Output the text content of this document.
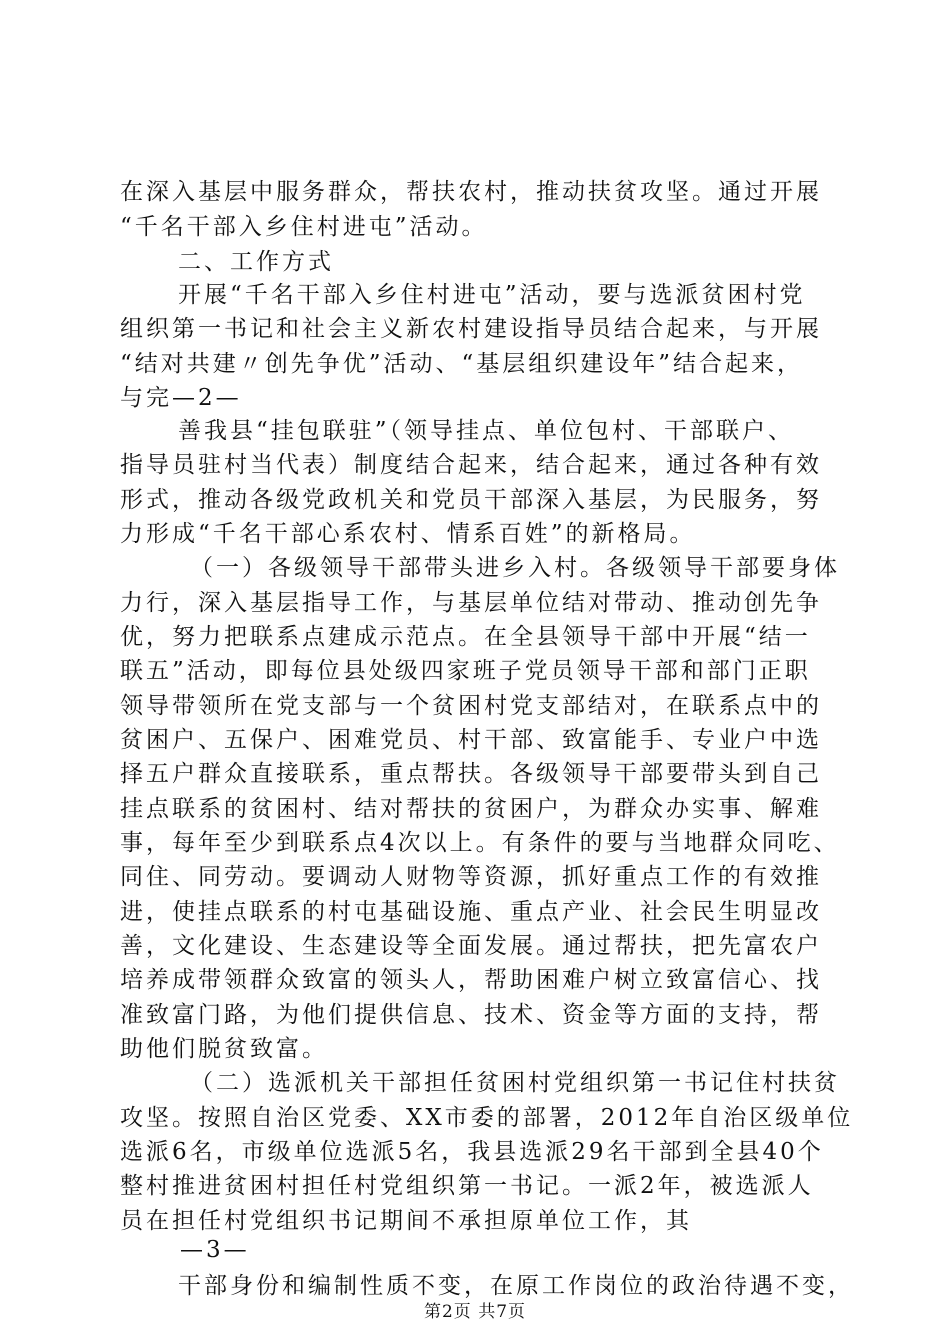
在深入基层中服务群众，帮扶农村，推动扶贫攻坚。通过开展
“千名干部入乡住村进屯”活动。
二、工作方式
开展“千名干部入乡住村进屯”活动，要与选派贫困村党
组织第一书记和社会主义新农村建设指导员结合起来，与开展
“结对共建〃创先争优”活动、“基层组织建设年”结合起来，
与完—2—
善我县“挂包联驻”（领导挂点、单位包村、干部联户、
指导员驻村当代表）制度结合起来，结合起来，通过各种有效
形式，推动各级党政机关和党员干部深入基层，为民服务，努
力形成“千名干部心系农村、情系百姓”的新格局。
（一）各级领导干部带头进乡入村。各级领导干部要身体
力行，深入基层指导工作，与基层单位结对带动、推动创先争
优，努力把联系点建成示范点。在全县领导干部中开展“结一
联五”活动，即每位县处级四家班子党员领导干部和部门正职
领导带领所在党支部与一个贫困村党支部结对，在联系点中的
贫困户、五保户、困难党员、村干部、致富能手、专业户中选
择五户群众直接联系，重点帮扶。各级领导干部要带头到自己
挂点联系的贫困村、结对帮扶的贫困户，为群众办实事、解难
事，每年至少到联系点4次以上。有条件的要与当地群众同吃、
同住、同劳动。要调动人财物等资源，抓好重点工作的有效推
进，使挂点联系的村屯基础设施、重点产业、社会民生明显改
善，文化建设、生态建设等全面发展。通过帮扶，把先富农户
培养成带领群众致富的领头人，帮助困难户树立致富信心、找
准致富门路，为他们提供信息、技术、资金等方面的支持，帮
助他们脱贫致富。
（二）选派机关干部担任贫困村党组织第一书记住村扶贫
攻坚。按照自治区党委、XX市委的部署，2012年自治区级单位
选派6名，市级单位选派5名，我县选派29名干部到全县40个
整村推进贫困村担任村党组织第一书记。一派2年，被选派人
员在担任村党组织书记期间不承担原单位工作，其
—3—
干部身份和编制性质不变，在原工作岗位的政治待遇不变，
第2页 共7页
